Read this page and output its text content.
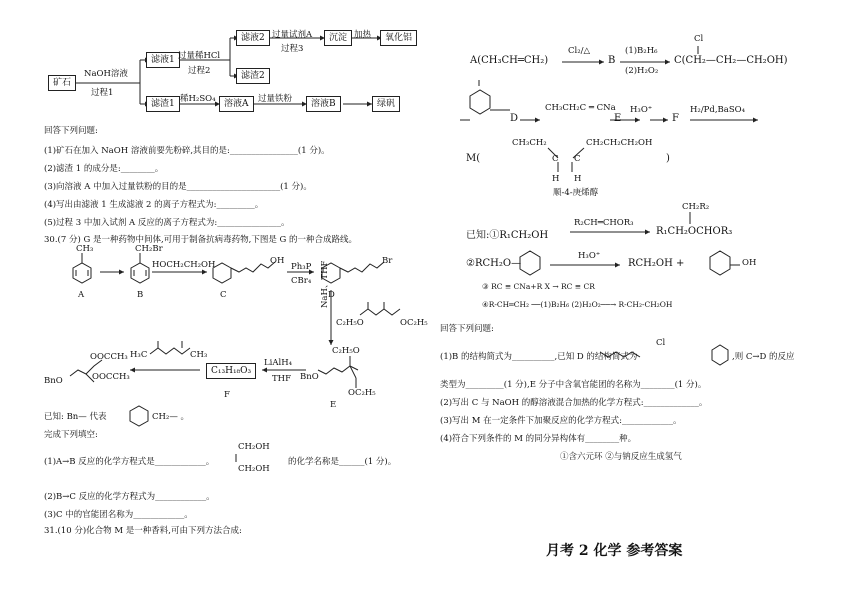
矿石
NaOH溶液
过程1
滤液1 过量稀HCl
过程2
滤液2 过量试剂A
过程3
沉淀 加热	氧化铝
滤渣2
滤渣1 稀H₂SO₄ 溶液A	过量铁粉	溶液B	绿矾
回答下列问题:
(1)矿石在加入 NaOH 溶液前要先粉碎,其目的是:________________(1 分)。
(2)滤渣 1 的成分是:________。
(3)向溶液 A 中加入过量铁粉的目的是______________________(1 分)。
(4)写出由滤液 1 生成滤液 2 的离子方程式为:_________。
(5)过程 3 中加入试剂 A 反应的离子方程式为:_______________。
30.(7 分) G 是一种药物中间体,可用于制备抗病毒药物,下图是 G 的一种合成路线。
CH₃
A
CH₂Br
B
HOCH₂CH₂OH	OH
C
Ph₃P
CBr₄
Br
D
NaH、THF
C₂H₅O	OC₂H₅
C₂H₅O
BnO
OC₂H₅
E
LiAlH₄
THF
C₁₃H₁₈O₃
F
OOCCH₃
OOCCH₃
BnO
H₃C	CH₃
已知: Bn— 代表	CH₂— 。
完成下列填空:
(1)A→B 反应的化学方程式是____________。
CH₂OH
CH₂OH
的化学名称是______(1 分)。
(2)B→C 反应的化学方程式为____________。
(3)C 中的官能团名称为____________。
31.(10 分)化合物 M 是一种香料,可由下列方法合成:
A(CH₃CH═CH₂)
Cl₂/△
B
(1)B₂H₆
(2)H₂O₂
Cl
C(CH₂—CH₂—CH₂OH)
D
CH₃CH₂C ═ CNa
E
H₃O⁺
F
H₂/Pd,BaSO₄
M(
CH₃CH₂	CH₂CH₂CH₂OH
C C
H H
)
顺-4-庚烯醇
已知:①R₁CH₂OH
R₂CH═CHOR₃
CH₂R₂
R₁CH₂OCHOR₃
②RCH₂O—
H₃O⁺
RCH₂OH +	OH
③ RC ≡ CNa+R X → RC ≡ CR
④R-CH═CH₂ ──(1)B₂H₆ (2)H₂O₂──→ R-CH₂-CH₂OH
回答下列问题:
(1)B 的结构简式为__________,已知 D 的结构简式为
Cl
,则 C→D 的反应
类型为_________(1 分),E 分子中含氧官能团的名称为________(1 分)。
(2)写出 C 与 NaOH 的醇溶液混合加热的化学方程式:_____________。
(3)写出 M 在一定条件下加聚反应的化学方程式:____________。
(4)符合下列条件的 M 的同分异构体有________种。
①含六元环 ②与钠反应生成氢气
月考 2 化学 参考答案
